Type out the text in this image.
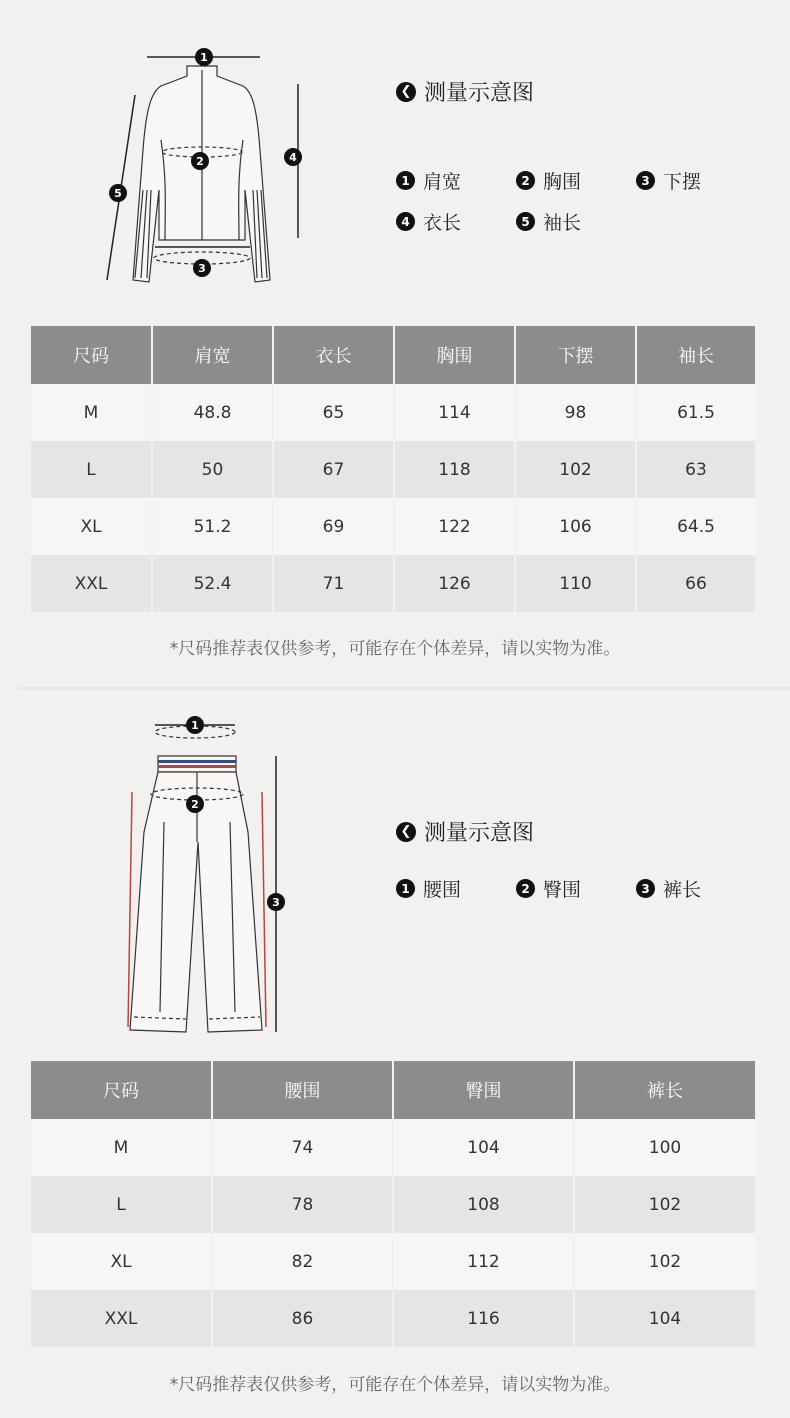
1
2
3
4
5
❮ 测量示意图
1 肩宽	2 胸围	3 下摆
4 衣长	5 袖长
尺码	肩宽	衣长	胸围	下摆	袖长
M	48.8	65	114	98	61.5
L	50	67	118	102	63
XL	51.2	69	122	106	64.5
XXL	52.4	71	126	110	66
*尺码推荐表仅供参考，可能存在个体差异，请以实物为准。
1
2
3
❮ 测量示意图
1 腰围	2 臀围	3 裤长
尺码	腰围	臀围	裤长
M	74	104	100
L	78	108	102
XL	82	112	102
XXL	86	116	104
*尺码推荐表仅供参考，可能存在个体差异，请以实物为准。
